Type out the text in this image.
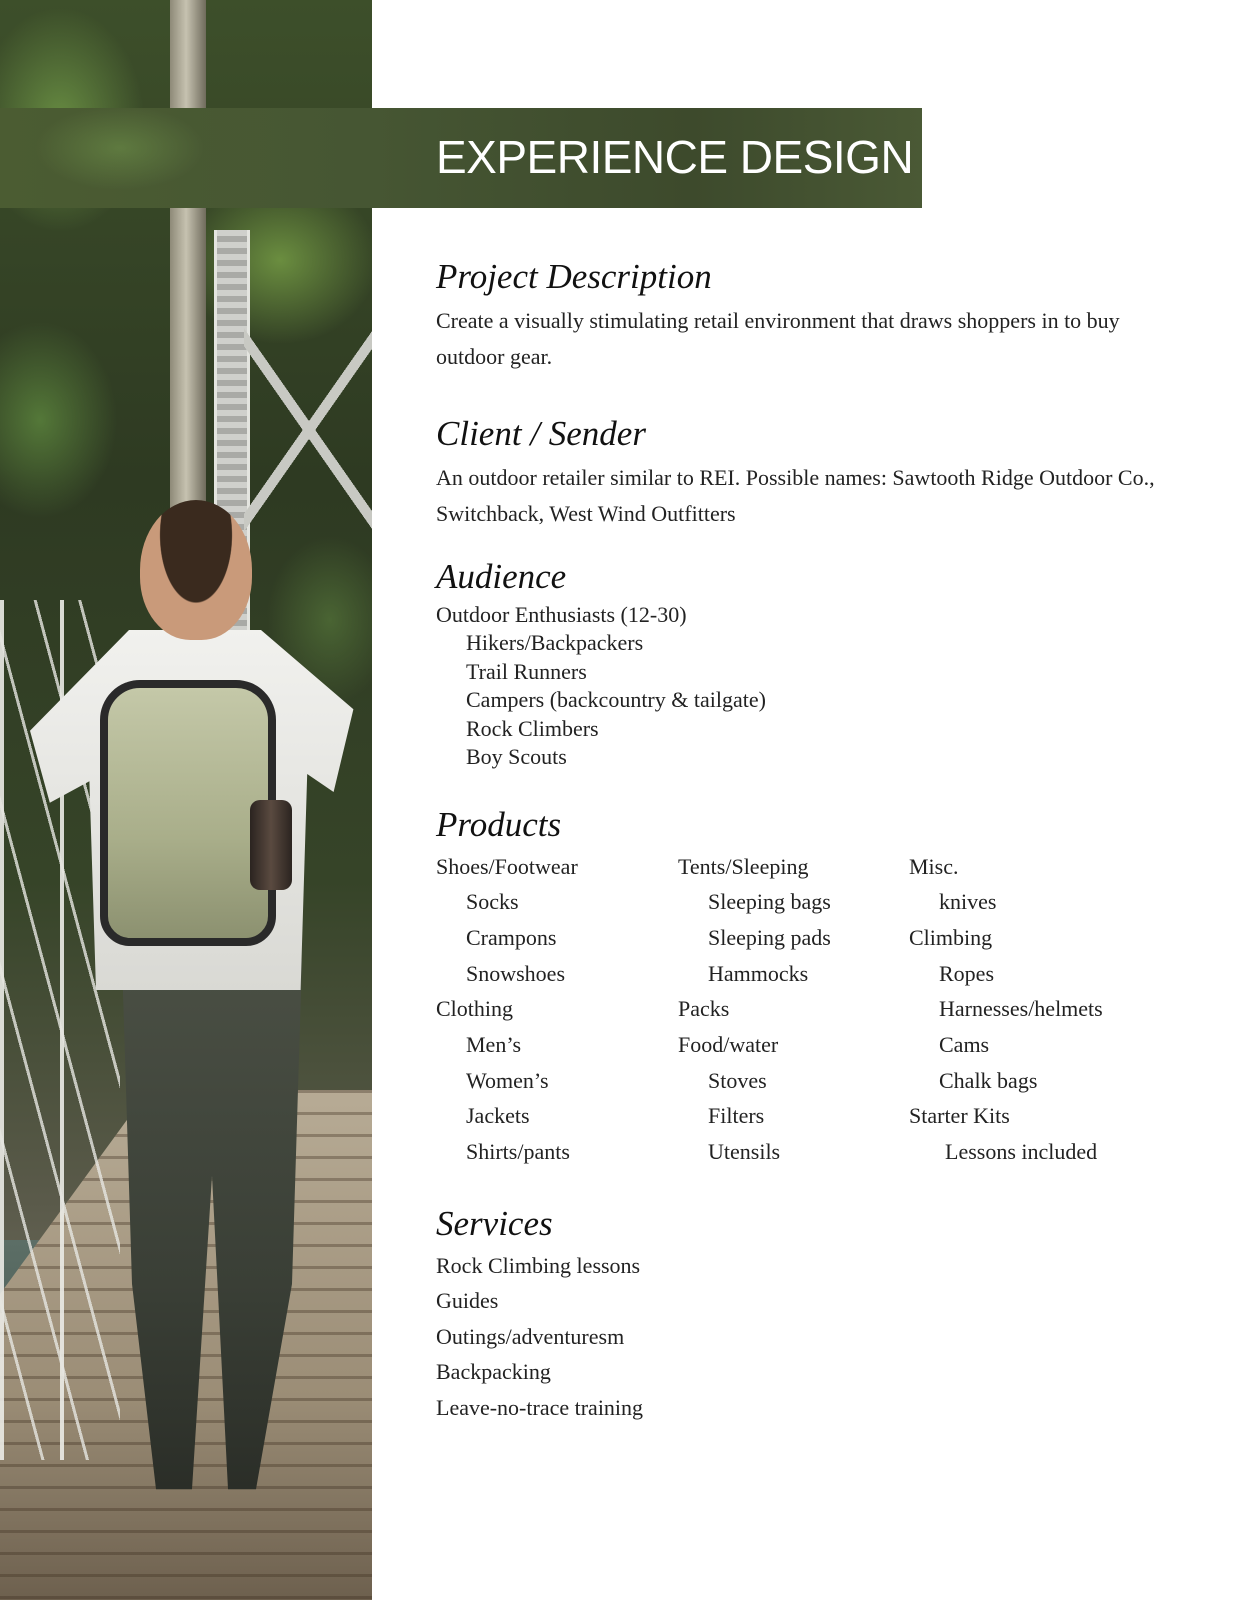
EXPERIENCE DESIGN
Project Description

Create a visually stimulating retail environment that draws shoppers in to buy outdoor gear.

Client / Sender

An outdoor retailer similar to REI. Possible names: Sawtooth Ridge Outdoor Co., Switchback, West Wind Outfitters

Audience
Outdoor Enthusiasts (12-30)
Hikers/Backpackers
Trail Runners
Campers (backcountry & tailgate)
Rock Climbers
Boy Scouts
Products
Shoes/Footwear
Socks
Crampons
Snowshoes
Clothing
Men’s
Women’s
Jackets
Shirts/pants
Tents/Sleeping
Sleeping bags
Sleeping pads
Hammocks
Packs
Food/water
Stoves
Filters
Utensils
Misc.
knives
Climbing
Ropes
Harnesses/helmets
Cams
Chalk bags
Starter Kits
Lessons included
Services
Rock Climbing lessons
Guides
Outings/adventuresm
Backpacking
Leave-no-trace training
